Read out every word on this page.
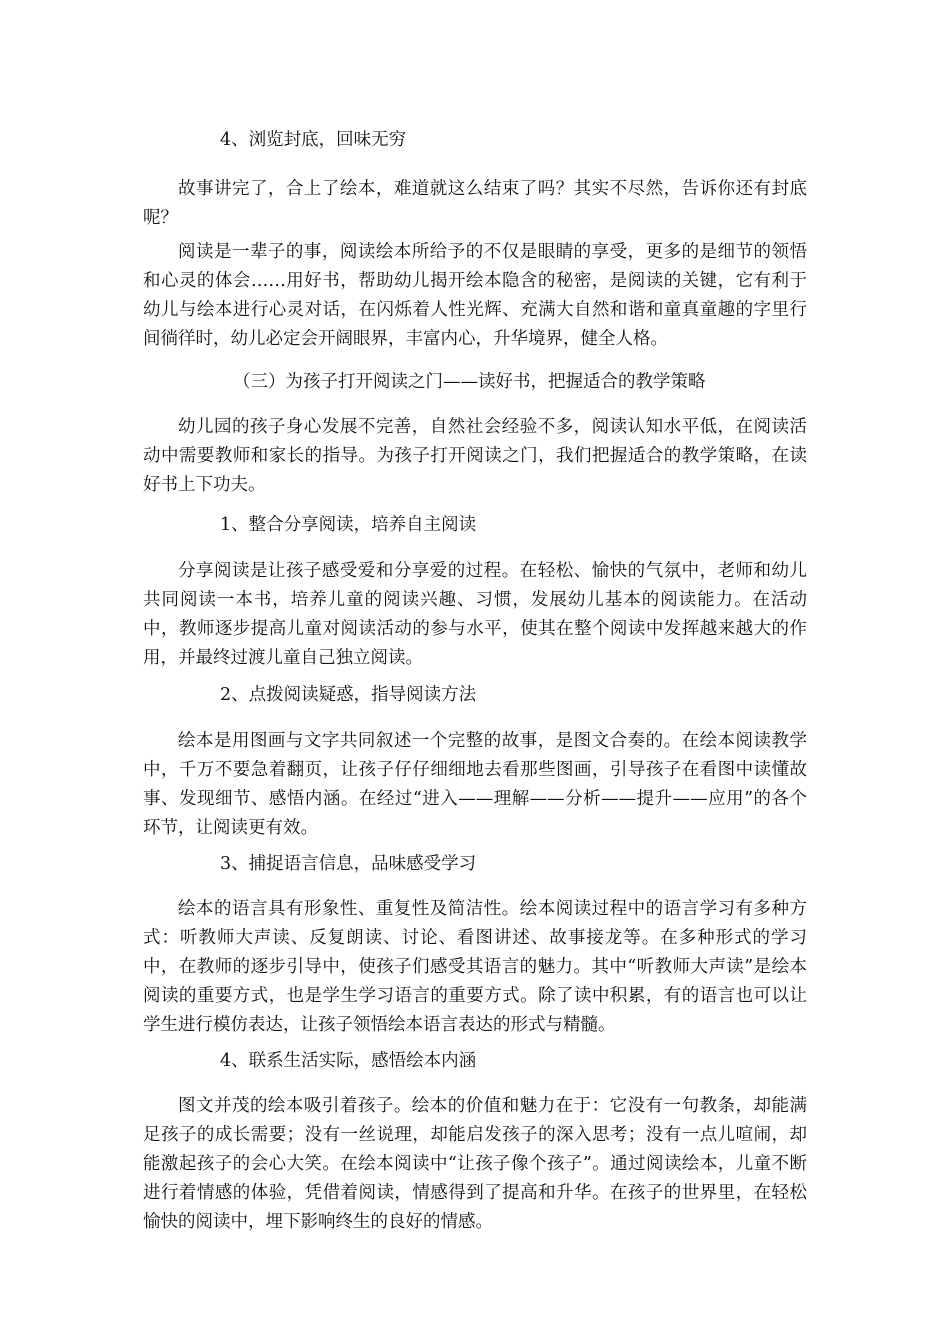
4、浏览封底，回味无穷

故事讲完了，合上了绘本，难道就这么结束了吗？其实不尽然，告诉你还有封底呢？

阅读是一辈子的事，阅读绘本所给予的不仅是眼睛的享受，更多的是细节的领悟和心灵的体会……用好书，帮助幼儿揭开绘本隐含的秘密，是阅读的关键，它有利于幼儿与绘本进行心灵对话，在闪烁着人性光辉、充满大自然和谐和童真童趣的字里行间徜徉时，幼儿必定会开阔眼界，丰富内心，升华境界，健全人格。

（三）为孩子打开阅读之门——读好书，把握适合的教学策略

幼儿园的孩子身心发展不完善，自然社会经验不多，阅读认知水平低，在阅读活动中需要教师和家长的指导。为孩子打开阅读之门，我们把握适合的教学策略，在读好书上下功夫。

1、整合分享阅读，培养自主阅读

分享阅读是让孩子感受爱和分享爱的过程。在轻松、愉快的气氛中，老师和幼儿共同阅读一本书，培养儿童的阅读兴趣、习惯，发展幼儿基本的阅读能力。在活动中，教师逐步提高儿童对阅读活动的参与水平，使其在整个阅读中发挥越来越大的作用，并最终过渡儿童自己独立阅读。

2、点拨阅读疑惑，指导阅读方法

绘本是用图画与文字共同叙述一个完整的故事，是图文合奏的。在绘本阅读教学中，千万不要急着翻页，让孩子仔仔细细地去看那些图画，引导孩子在看图中读懂故事、发现细节、感悟内涵。在经过“进入——理解——分析——提升——应用”的各个环节，让阅读更有效。

3、捕捉语言信息，品味感受学习

绘本的语言具有形象性、重复性及简洁性。绘本阅读过程中的语言学习有多种方式：听教师大声读、反复朗读、讨论、看图讲述、故事接龙等。在多种形式的学习中，在教师的逐步引导中，使孩子们感受其语言的魅力。其中“听教师大声读”是绘本阅读的重要方式，也是学生学习语言的重要方式。除了读中积累，有的语言也可以让学生进行模仿表达，让孩子领悟绘本语言表达的形式与精髓。

4、联系生活实际，感悟绘本内涵

图文并茂的绘本吸引着孩子。绘本的价值和魅力在于：它没有一句教条，却能满足孩子的成长需要；没有一丝说理，却能启发孩子的深入思考；没有一点儿喧闹，却能激起孩子的会心大笑。在绘本阅读中“让孩子像个孩子”。通过阅读绘本，儿童不断进行着情感的体验，凭借着阅读，情感得到了提高和升华。在孩子的世界里，在轻松愉快的阅读中，埋下影响终生的良好的情感。
